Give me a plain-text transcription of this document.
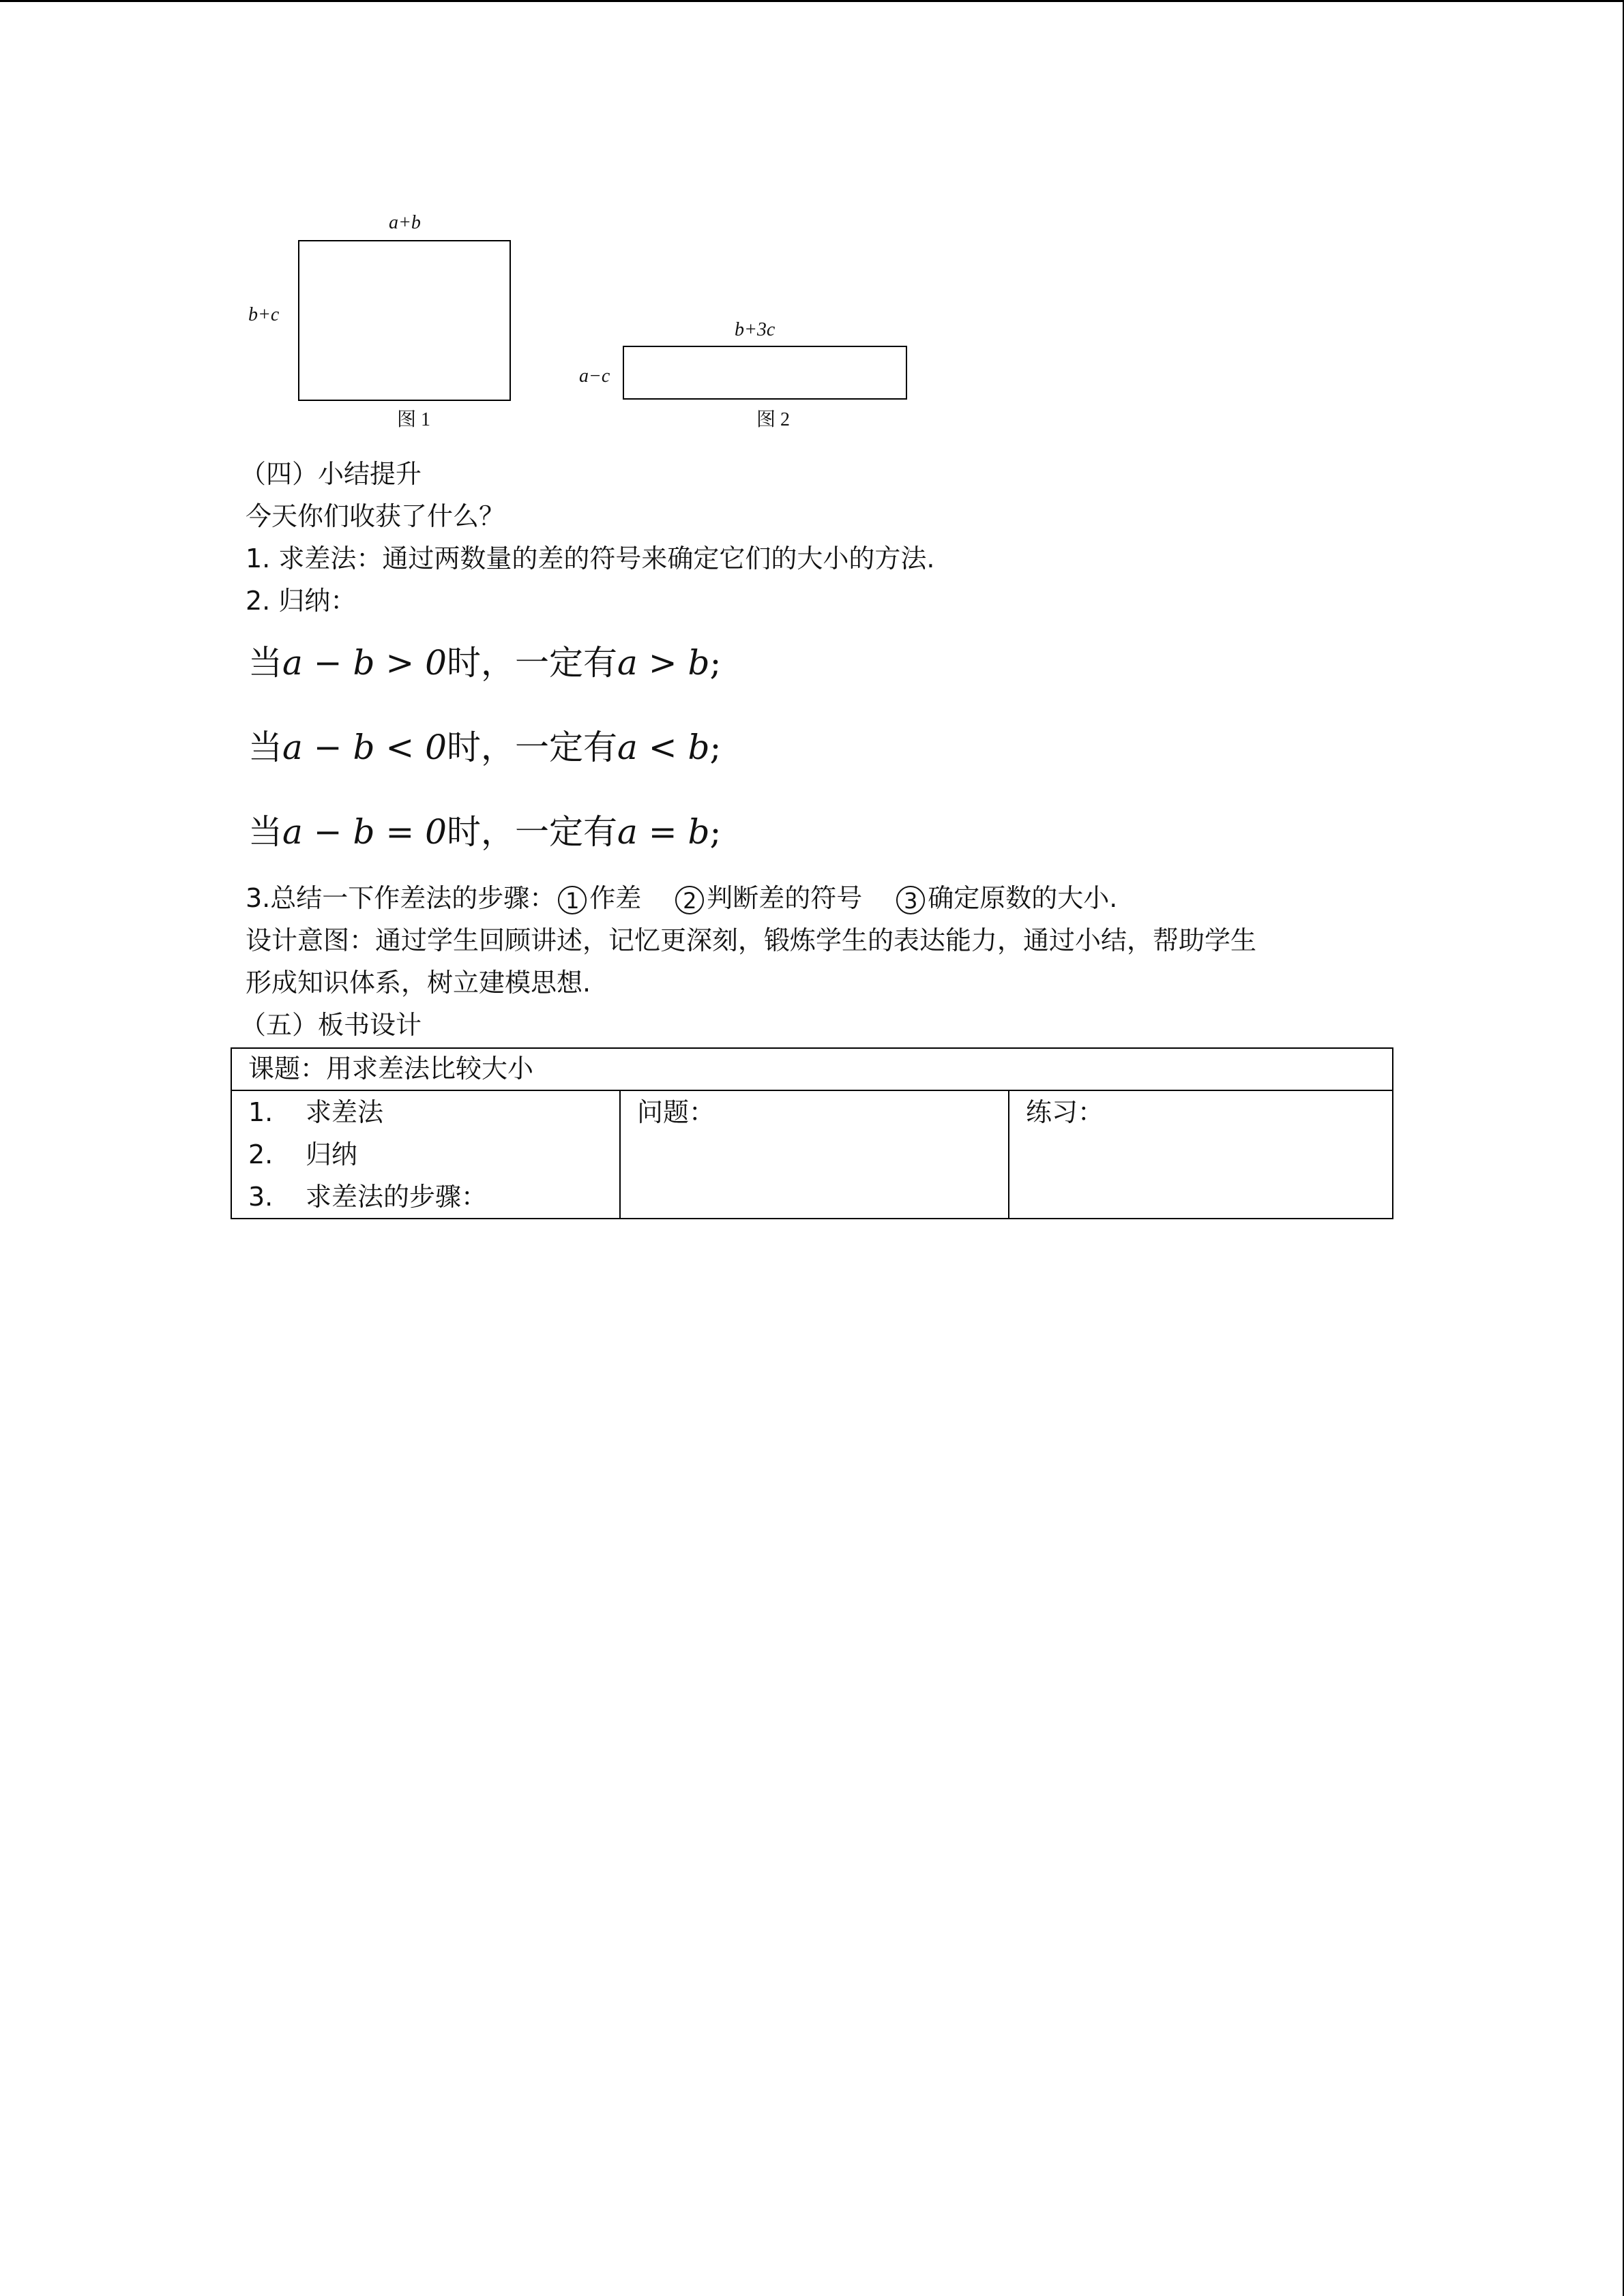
a+b
b+c
图 1
b+3c
a−c
图 2
（四）小结提升
今天你们收获了什么？
1. 求差法：通过两数量的差的符号来确定它们的大小的方法.
2. 归纳：
当a − b > 0时，一定有a > b;
当a − b < 0时，一定有a < b;
当a − b = 0时，一定有a = b;
3.总结一下作差法的步骤： 1 作差 2 判断差的符号 3 确定原数的大小.
设计意图：通过学生回顾讲述，记忆更深刻，锻炼学生的表达能力，通过小结，帮助学生
形成知识体系，树立建模思想.
（五）板书设计
课题：用求差法比较大小

1. 求差法
2. 归纳
3. 求差法的步骤：

问题：	练习：
